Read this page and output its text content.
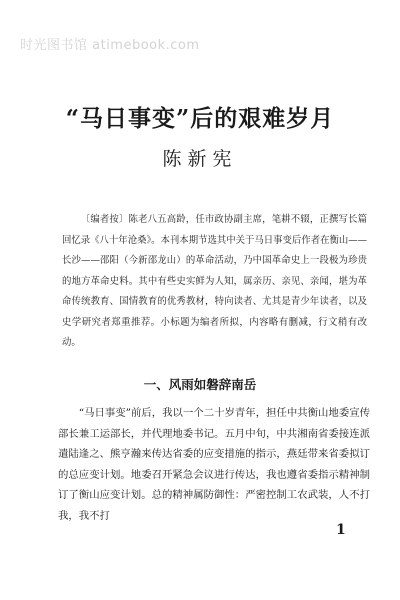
时光图书馆 atimebook.com
“马日事变”后的艰难岁月
陈新宪
〔编者按〕陈老八五高龄，任市政协副主席，笔耕不辍，正撰写长篇回忆录《八十年沧桑》。本刊本期节选其中关于马日事变后作者在衡山——长沙——邵阳（今新邵龙山）的革命活动，乃中国革命史上一段极为珍贵的地方革命史料。其中有些史实鲜为人知，属亲历、亲见、亲闻，堪为革命传统教育、国情教育的优秀教材，特向读者、尤其是青少年读者，以及史学研究者郑重推荐。小标题为编者所拟，内容略有删减，行文稍有改动。
一、风雨如磐辞南岳
“马日事变”前后，我以一个二十岁青年，担任中共衡山地委宣传部长兼工运部长，并代理地委书记。五月中旬，中共湘南省委接连派遣陆逢之、熊亨瀚来传达省委的应变措施的指示，燕廷带来省委拟订的总应变计划。地委召开紧急会议进行传达，我也遵省委指示精神制订了衡山应变计划。总的精神属防御性：严密控制工农武装，人不打我，我不打
1
